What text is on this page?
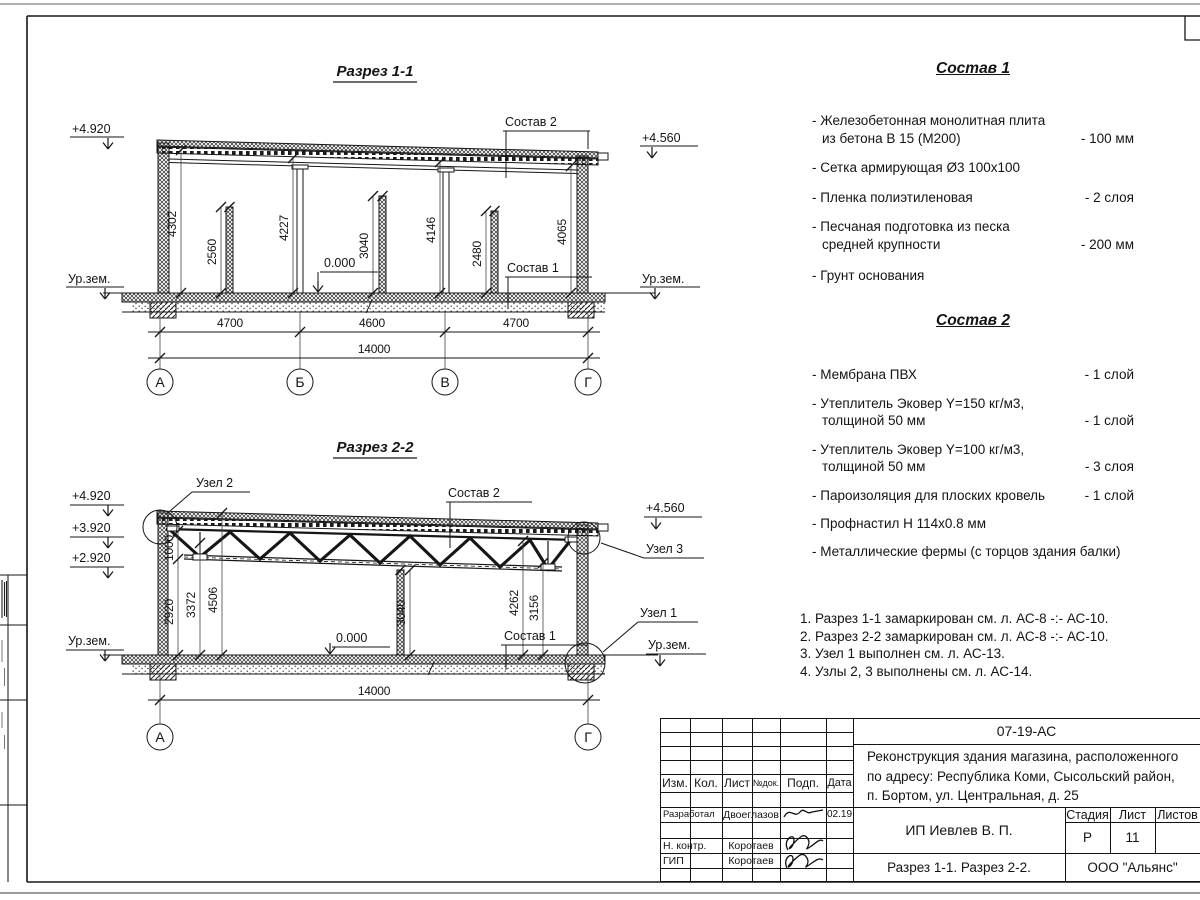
Разрез 1-1
4302
2560
4227
3040
4146
2480
4065
0.000
Состав 2
Состав 1
+4.920
+4.560
Ур.зем.	Ур.зем.
4700	4600	4700
14000
А	Б	В	Г
Разрез 2-2
1000
2920 3372 4506
3040	4262 3156
Узел 2
Состав 2
Узел 3
Узел 1
Состав 1
0.000
+4.920
+3.920
+2.920
+4.560
Ур.зем.	Ур.зем.
14000
А	Г
Состав 1
- Железобетонная монолитная плита
из бетона В 15 (М200)	- 100 мм
- Сетка армирующая Ø3 100х100
- Пленка полиэтиленовая	- 2 слоя
- Песчаная подготовка из песка
средней крупности	- 200 мм
- Грунт основания
Состав 2
- Мембрана ПВХ	- 1 слой
- Утеплитель Эковер Y=150 кг/м3,
толщиной 50 мм	- 1 слой
- Утеплитель Эковер Y=100 кг/м3,
толщиной 50 мм	- 3 слоя
- Пароизоляция для плоских кровель	- 1 слой
- Профнастил Н 114х0.8 мм
- Металлические фермы (с торцов здания балки)
1. Разрез 1-1 замаркирован см. л. АС-8 -:- АС-10.
2. Разрез 2-2 замаркирован см. л. АС-8 -:- АС-10.
3. Узел 1 выполнен см. л. АС-13.
4. Узлы 2, 3 выполнены см. л. АС-14.
Изм. Кол. Лист №док. Подп. Дата
Разработал Двоеглазов	02.19
Н. контр.	Коротаев
ГИП	Коротаев
07-19-АС
Реконструкция здания магазина, расположенного
по адресу: Республика Коми, Сысольский район,
п. Бортом, ул. Центральная, д. 25
ИП Иевлев В. П.
Стадия Лист Листов
Р	11
Разрез 1-1. Разрез 2-2.	ООО "Альянс"
